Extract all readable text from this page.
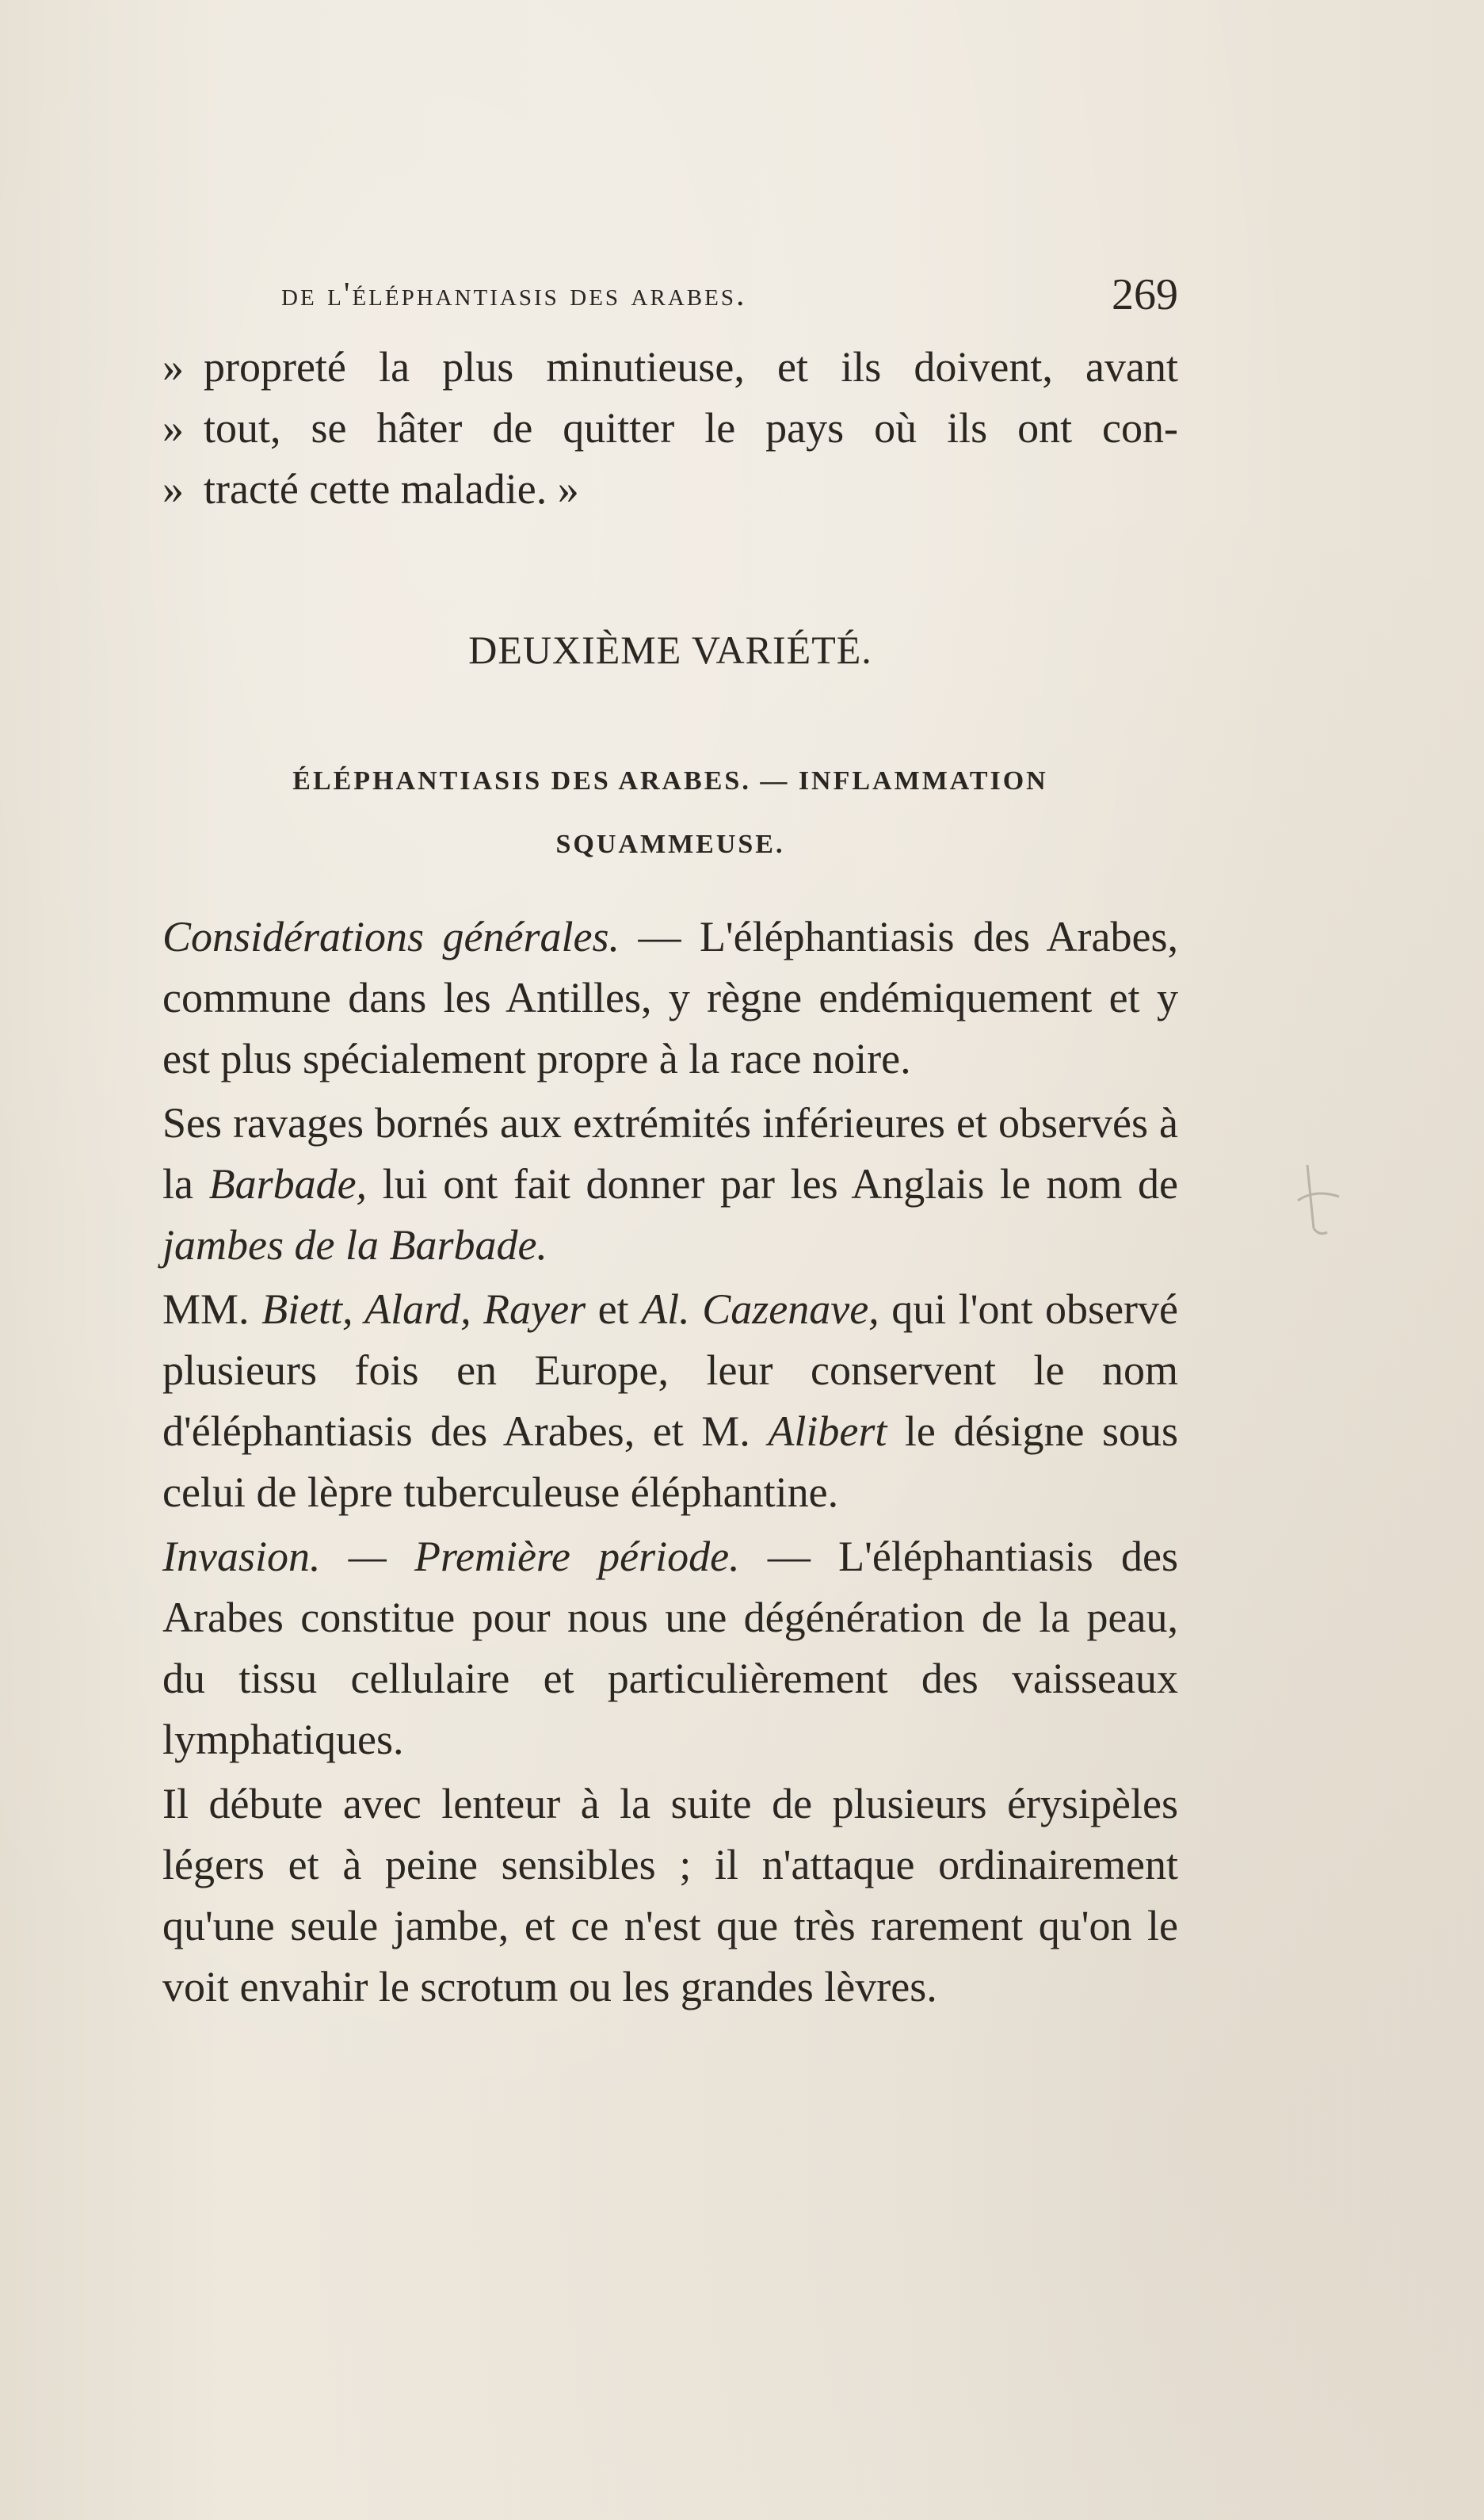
de l'éléphantiasis des arabes.	269

» propreté la plus minutieuse, et ils doivent, avant

» tout, se hâter de quitter le pays où ils ont con-

» tracté cette maladie. »

DEUXIÈME VARIÉTÉ.
ÉLÉPHANTIASIS DES ARABES. — INFLAMMATION
SQUAMMEUSE.

Considérations générales. — L'éléphantiasis des Arabes, commune dans les Antilles, y règne endémiquement et y est plus spécialement propre à la race noire.

Ses ravages bornés aux extrémités inférieures et observés à la Barbade, lui ont fait donner par les Anglais le nom de jambes de la Barbade.

MM. Biett, Alard, Rayer et Al. Cazenave, qui l'ont observé plusieurs fois en Europe, leur conservent le nom d'éléphantiasis des Arabes, et M. Alibert le désigne sous celui de lèpre tuberculeuse éléphantine.

Invasion. — Première période. — L'éléphantiasis des Arabes constitue pour nous une dégénération de la peau, du tissu cellulaire et particulièrement des vaisseaux lymphatiques.

Il débute avec lenteur à la suite de plusieurs érysipèles légers et à peine sensibles ; il n'attaque ordinairement qu'une seule jambe, et ce n'est que très rarement qu'on le voit envahir le scrotum ou les grandes lèvres.
